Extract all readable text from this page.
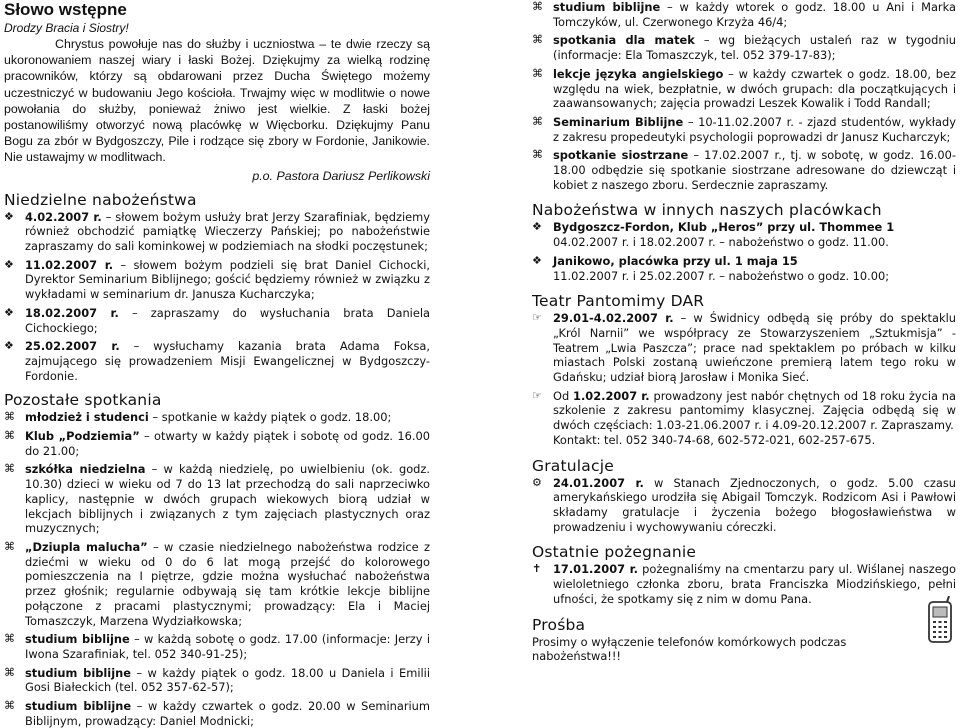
Słowo wstępne

Drodzy Bracia i Siostry!

Chrystus powołuje nas do służby i uczniostwa – te dwie rzeczy są ukoronowaniem naszej wiary i łaski Bożej. Dziękujmy za wielką rodzinę pracowników, którzy są obdarowani przez Ducha Świętego możemy uczestniczyć w budowaniu Jego kościoła. Trwajmy więc w modlitwie o nowe powołania do służby, ponieważ żniwo jest wielkie. Z łaski bożej postanowiliśmy otworzyć nową placówkę w Więcborku. Dziękujmy Panu Bogu za zbór w Bydgoszczy, Pile i rodzące się zbory w Fordonie, Janikowie. Nie ustawajmy w modlitwach.

p.o. Pastora Dariusz Perlikowski

Niedzielne nabożeństwa
❖ 4.02.2007 r. – słowem bożym usłuży brat Jerzy Szarafiniak, będziemy również obchodzić pamiątkę Wieczerzy Pańskiej; po nabożeństwie zapraszamy do sali kominkowej w podziemiach na słodki poczęstunek;
❖ 11.02.2007 r. – słowem bożym podzieli się brat Daniel Cichocki, Dyrektor Seminarium Biblijnego; gościć będziemy również w związku z wykładami w seminarium dr. Janusza Kucharczyka;
❖ 18.02.2007 r. – zapraszamy do wysłuchania brata Daniela Cichockiego;
❖ 25.02.2007 r. – wysłuchamy kazania brata Adama Foksa, zajmującego się prowadzeniem Misji Ewangelicznej w Bydgoszczy-Fordonie.
Pozostałe spotkania
⌘ młodzież i studenci – spotkanie w każdy piątek o godz. 18.00;
⌘ Klub „Podziemia” – otwarty w każdy piątek i sobotę od godz. 16.00 do 21.00;
⌘ szkółka niedzielna – w każdą niedzielę, po uwielbieniu (ok. godz. 10.30) dzieci w wieku od 7 do 13 lat przechodzą do sali naprzeciwko kaplicy, następnie w dwóch grupach wiekowych biorą udział w lekcjach biblijnych i związanych z tym zajęciach plastycznych oraz muzycznych;
⌘ „Dziupla malucha” – w czasie niedzielnego nabożeństwa rodzice z dziećmi w wieku od 0 do 6 lat mogą przejść do kolorowego pomieszczenia na I piętrze, gdzie można wysłuchać nabożeństwa przez głośnik; regularnie odbywają się tam krótkie lekcje biblijne połączone z pracami plastycznymi; prowadzący: Ela i Maciej Tomaszczyk, Marzena Wydziałkowska;
⌘ studium biblijne – w każdą sobotę o godz. 17.00 (informacje: Jerzy i Iwona Szarafiniak, tel. 052 340-91-25);
⌘ studium biblijne – w każdy piątek o godz. 18.00 u Daniela i Emilii Gosi Białeckich (tel. 052 357-62-57);
⌘ studium biblijne – w każdy czwartek o godz. 20.00 w Seminarium Biblijnym, prowadzący: Daniel Modnicki;
⌘ studium biblijne – w każdy wtorek o godz. 18.00 u Ani i Marka Tomczyków, ul. Czerwonego Krzyża 46/4;
⌘ spotkania dla matek – wg bieżących ustaleń raz w tygodniu (informacje: Ela Tomaszczyk, tel. 052 379-17-83);
⌘ lekcje języka angielskiego – w każdy czwartek o godz. 18.00, bez względu na wiek, bezpłatnie, w dwóch grupach: dla początkujących i zaawansowanych; zajęcia prowadzi Leszek Kowalik i Todd Randall;
⌘ Seminarium Biblijne – 10-11.02.2007 r. - zjazd studentów, wykłady z zakresu propedeutyki psychologii poprowadzi dr Janusz Kucharczyk;
⌘ spotkanie siostrzane – 17.02.2007 r., tj. w sobotę, w godz. 16.00-18.00 odbędzie się spotkanie siostrzane adresowane do dziewcząt i kobiet z naszego zboru. Serdecznie zapraszamy.
Nabożeństwa w innych naszych placówkach
❖ Bydgoszcz-Fordon, Klub „Heros” przy ul. Thommee 1
04.02.2007 r. i 18.02.2007 r. – nabożeństwo o godz. 11.00.
❖ Janikowo, placówka przy ul. 1 maja 15
11.02.2007 r. i 25.02.2007 r. – nabożeństwo o godz. 10.00;
Teatr Pantomimy DAR
☞ 29.01-4.02.2007 r. – w Świdnicy odbędą się próby do spektaklu „Król Narnii” we współpracy ze Stowarzyszeniem „Sztukmisja” - Teatrem „Lwia Paszcza”; prace nad spektaklem po próbach w kilku miastach Polski zostaną uwieńczone premierą latem tego roku w Gdańsku; udział biorą Jarosław i Monika Sieć.
☞ Od 1.02.2007 r. prowadzony jest nabór chętnych od 18 roku życia na szkolenie z zakresu pantomimy klasycznej. Zajęcia odbędą się w dwóch częściach: 1.03-21.06.2007 r. i 4.09-20.12.2007 r. Zapraszamy.
Kontakt: tel. 052 340-74-68, 602-572-021, 602-257-675.
Gratulacje
⚙ 24.01.2007 r. w Stanach Zjednoczonych, o godz. 5.00 czasu amerykańskiego urodziła się Abigail Tomczyk. Rodzicom Asi i Pawłowi składamy gratulacje i życzenia bożego błogosławieństwa w prowadzeniu i wychowywaniu córeczki.
Ostatnie pożegnanie
✝ 17.01.2007 r. pożegnaliśmy na cmentarzu pary ul. Wiślanej naszego wieloletniego członka zboru, brata Franciszka Miodzińskiego, pełni ufności, że spotkamy się z nim w domu Pana.
Prośba
Prosimy o wyłączenie telefonów komórkowych podczas nabożeństwa!!!
